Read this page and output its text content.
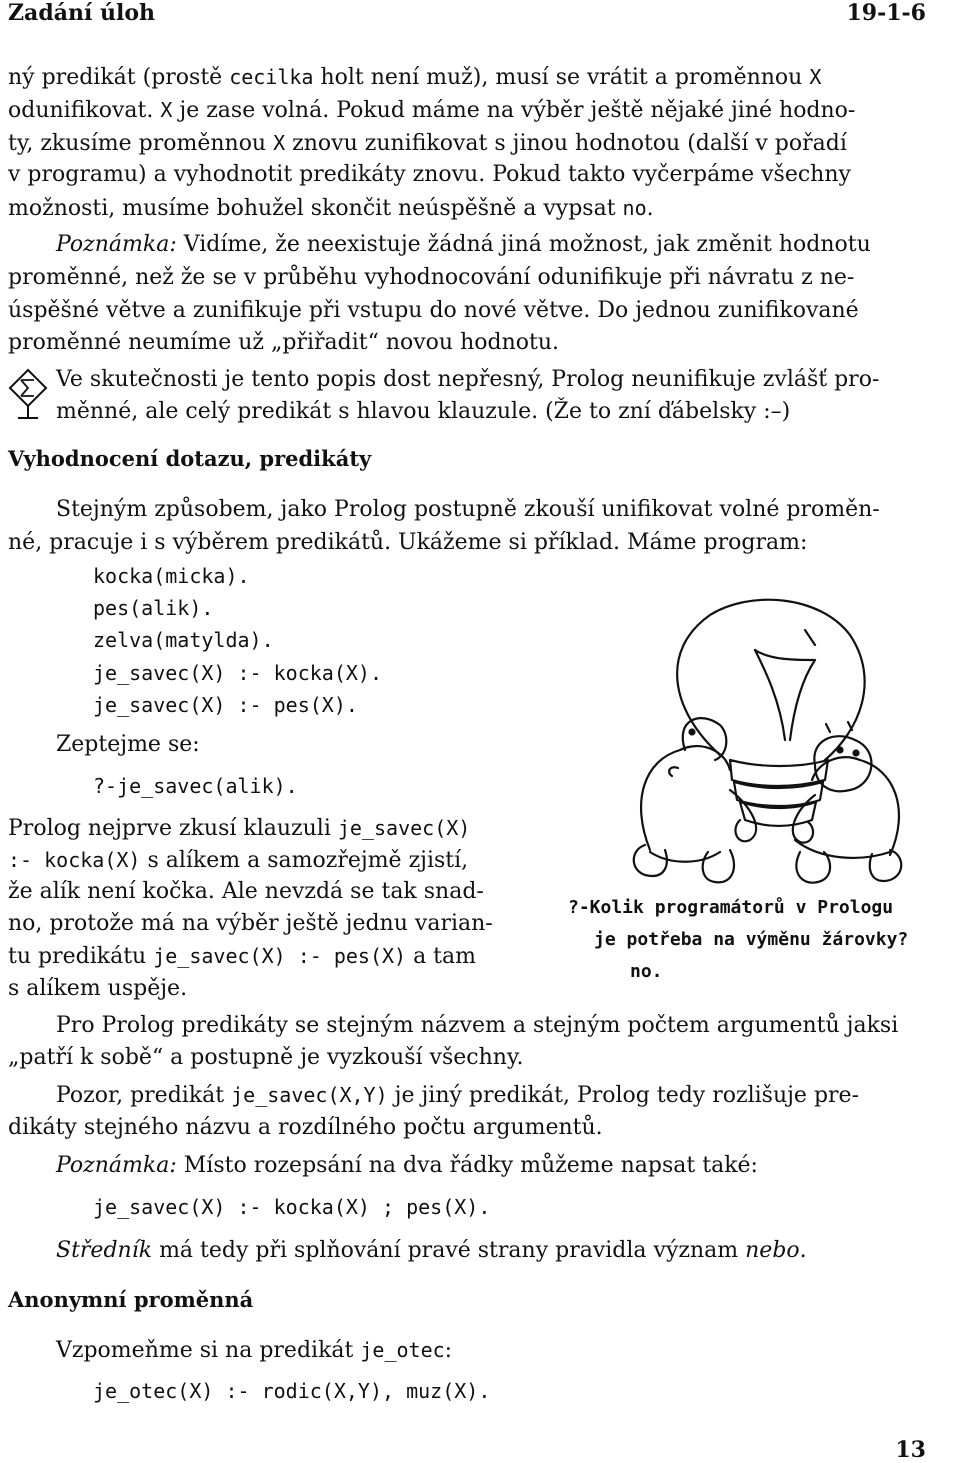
Zadání úloh	19-1-6
ný predikát (prostě cecilka holt není muž), musí se vrátit a proměnnou X
odunifikovat. X je zase volná. Pokud máme na výběr ještě nějaké jiné hodno-
ty, zkusíme proměnnou X znovu zunifikovat s jinou hodnotou (další v pořadí
v programu) a vyhodnotit predikáty znovu. Pokud takto vyčerpáme všechny
možnosti, musíme bohužel skončit neúspěšně a vypsat no.
Poznámka: Vidíme, že neexistuje žádná jiná možnost, jak změnit hodnotu
proměnné, než že se v průběhu vyhodnocování odunifikuje při návratu z ne-
úspěšné větve a zunifikuje při vstupu do nové větve. Do jednou zunifikované
proměnné neumíme už „přiřadit“ novou hodnotu.
Ve skutečnosti je tento popis dost nepřesný, Prolog neunifikuje zvlášť pro-
měnné, ale celý predikát s hlavou klauzule. (Že to zní ďábelsky :–)
Vyhodnocení dotazu, predikáty
Stejným způsobem, jako Prolog postupně zkouší unifikovat volné proměn-
né, pracuje i s výběrem predikátů. Ukážeme si příklad. Máme program:
kocka(micka).
pes(alik).
zelva(matylda).
je_savec(X) :- kocka(X).
je_savec(X) :- pes(X).
Zeptejme se:
?-je_savec(alik).
Prolog nejprve zkusí klauzuli je_savec(X)
:- kocka(X) s alíkem a samozřejmě zjistí,
že alík není kočka. Ale nevzdá se tak snad-
no, protože má na výběr ještě jednu varian-
tu predikátu je_savec(X) :- pes(X) a tam
s alíkem uspěje.
?-Kolik programátorů v Prologu
je potřeba na výměnu žárovky?
no.
Pro Prolog predikáty se stejným názvem a stejným počtem argumentů jaksi
„patří k sobě“ a postupně je vyzkouší všechny.
Pozor, predikát je_savec(X,Y) je jiný predikát, Prolog tedy rozlišuje pre-
dikáty stejného názvu a rozdílného počtu argumentů.
Poznámka: Místo rozepsání na dva řádky můžeme napsat také:
je_savec(X) :- kocka(X) ; pes(X).
Středník má tedy při splňování pravé strany pravidla význam nebo.
Anonymní proměnná
Vzpomeňme si na predikát je_otec:
je_otec(X) :- rodic(X,Y), muz(X).
13
